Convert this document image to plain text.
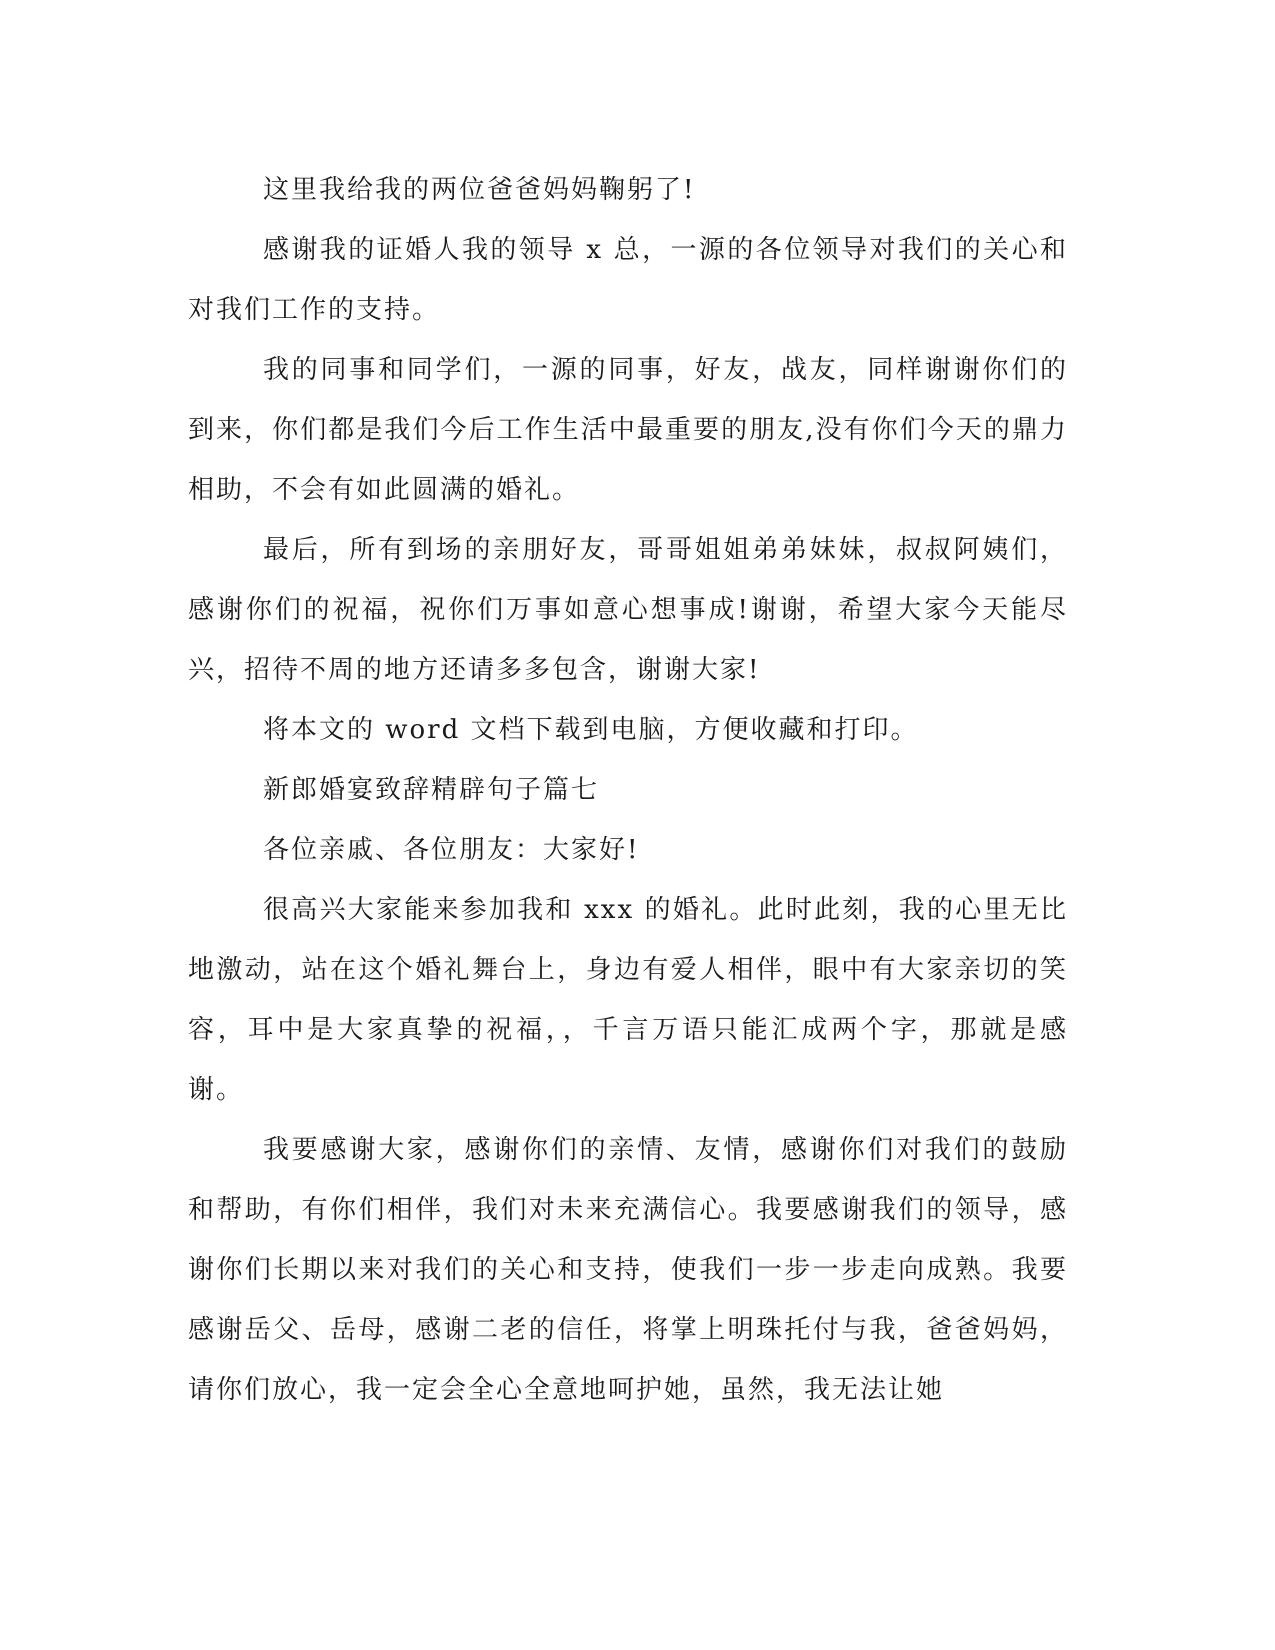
这里我给我的两位爸爸妈妈鞠躬了!

感谢我的证婚人我的领导 x 总，一源的各位领导对我们的关心和对我们工作的支持。

我的同事和同学们，一源的同事，好友，战友，同样谢谢你们的到来，你们都是我们今后工作生活中最重要的朋友,没有你们今天的鼎力相助，不会有如此圆满的婚礼。

最后，所有到场的亲朋好友，哥哥姐姐弟弟妹妹，叔叔阿姨们，感谢你们的祝福，祝你们万事如意心想事成!谢谢，希望大家今天能尽兴，招待不周的地方还请多多包含，谢谢大家!

将本文的 word 文档下载到电脑，方便收藏和打印。

新郎婚宴致辞精辟句子篇七

各位亲戚、各位朋友：大家好!

很高兴大家能来参加我和 xxx 的婚礼。此时此刻，我的心里无比地激动，站在这个婚礼舞台上，身边有爱人相伴，眼中有大家亲切的笑容，耳中是大家真挚的祝福，，千言万语只能汇成两个字，那就是感谢。

我要感谢大家，感谢你们的亲情、友情，感谢你们对我们的鼓励和帮助，有你们相伴，我们对未来充满信心。我要感谢我们的领导，感谢你们长期以来对我们的关心和支持，使我们一步一步走向成熟。我要感谢岳父、岳母，感谢二老的信任，将掌上明珠托付与我，爸爸妈妈，请你们放心，我一定会全心全意地呵护她，虽然，我无法让她
